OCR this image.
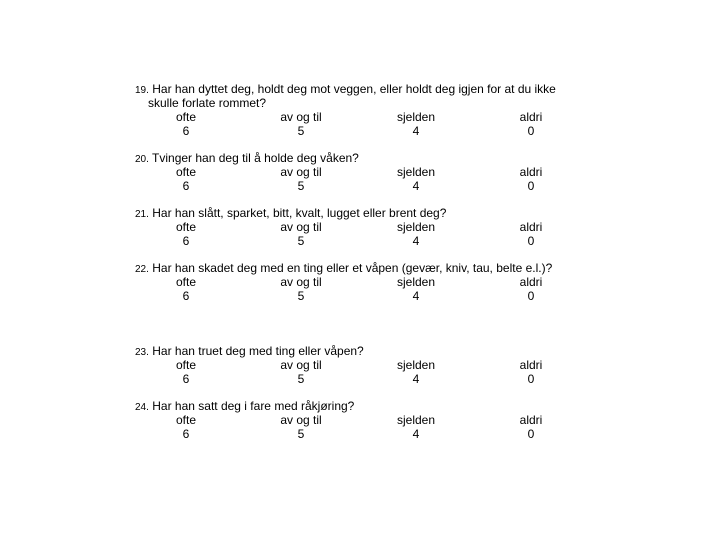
19. Har han dyttet deg, holdt deg mot veggen, eller holdt deg igjen for at du ikke
skulle forlate rommet?
ofte	av og til	sjelden	aldri
6	5	4	0
20. Tvinger han deg til å holde deg våken?
ofte	av og til	sjelden	aldri
6	5	4	0
21. Har han slått, sparket, bitt, kvalt, lugget eller brent deg?
ofte	av og til	sjelden	aldri
6	5	4	0
22. Har han skadet deg med en ting eller et våpen (gevær, kniv, tau, belte e.l.)?
ofte	av og til	sjelden	aldri
6	5	4	0
23. Har han truet deg med ting eller våpen?
ofte	av og til	sjelden	aldri
6	5	4	0
24. Har han satt deg i fare med råkjøring?
ofte	av og til	sjelden	aldri
6	5	4	0
